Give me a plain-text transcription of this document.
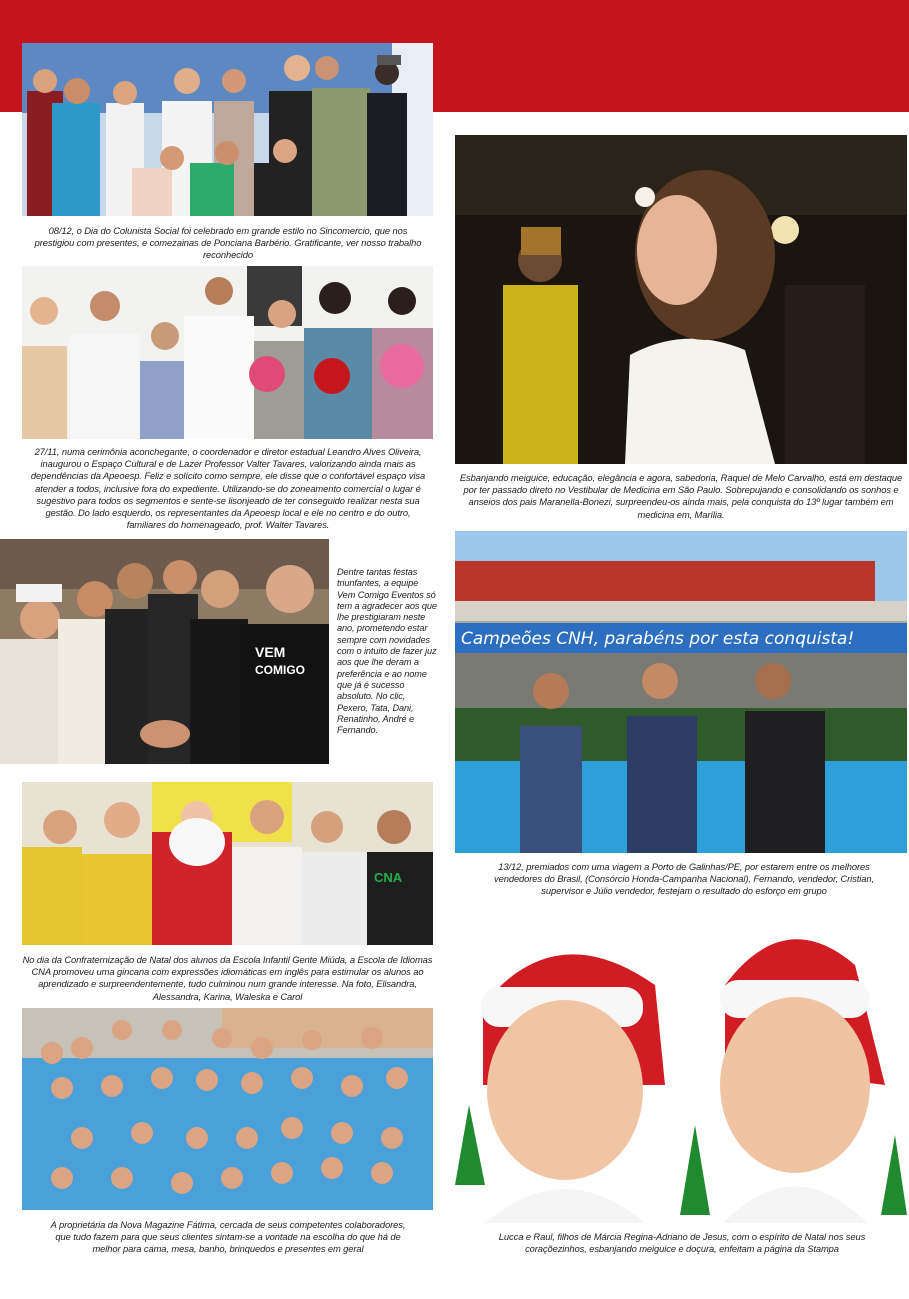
08/12, o Dia do Colunista Social foi celebrado em grande estilo no Sincomercio, que nos prestigiou com presentes, e comezainas de Ponciana Barbério. Gratificante, ver nosso trabalho reconhecido
27/11, numa cerimônia aconchegante, o coordenador e diretor estadual Leandro Alves Oliveira, inaugurou o Espaço Cultural e de Lazer Professor Valter Tavares, valorizando ainda mais as dependências da Apeoesp. Feliz e solícito como sempre, ele disse que o confortável espaço visa atender a todos, inclusive fora do expediente. Utilizando-se do zoneamento comercial o lugar é sugestivo para todos os segmentos e sente-se lisonjeado de ter conseguido realizar nesta sua gestão. Do lado esquerdo, os representantes da Apeoesp local e ele no centro e do outro, familiares do homenageado, prof. Walter Tavares.
Esbanjando meiguice, educação, elegância e agora, sabedoria, Raquel de Melo Carvalho, está em destaque por ter passado direto no Vestibular de Medicina em São Paulo. Sobrepujando e consolidando os sonhos e anseios dos pais Maranella-Bonezi, surpreendeu-os ainda mais, pela conquista do 13º lugar também em medicina em, Marília.
VEM
COMIGO
Dentre tantas festas triunfantes, a equipe Vem Comigo Eventos só tem a agradecer aos que lhe prestigiaram neste ano, prometendo estar sempre com novidades com o intuito de fazer juz aos que lhe deram a preferência e ao nome que já é sucesso absoluto. No clic, Pexero, Tata, Dani, Renatinho, André e Fernando.
Campeões CNH, parabéns por esta conquista!
13/12, premiados com uma viagem a Porto de Galinhas/PE, por estarem entre os melhores vendedores do Brasil, (Consórcio Honda-Campanha Nacional), Fernando, vendedor, Cristian, supervisor e Júlio vendedor, festejam o resultado do esforço em grupo
CNA
No dia da Confraternização de Natal dos alunos da Escola Infantil Gente Miúda, a Escola de Idiomas CNA promoveu uma gincana com expressões idiomáticas em inglês para estimular os alunos ao aprendizado e surpreendentemente, tudo culminou num grande interesse. Na foto, Elisandra, Alessandra, Karina, Waleska e Carol
A proprietária da Nova Magazine Fátima, cercada de seus competentes colaboradores, que tudo fazem para que seus clientes sintam-se a vontade na escolha do que há de melhor para cama, mesa, banho, brinquedos e presentes em geral
Lucca e Raul, filhos de Márcia Regina-Adriano de Jesus, com o espírito de Natal nos seus coraçõezinhos, esbanjando meiguice e doçura, enfeitam a página da Stampa
